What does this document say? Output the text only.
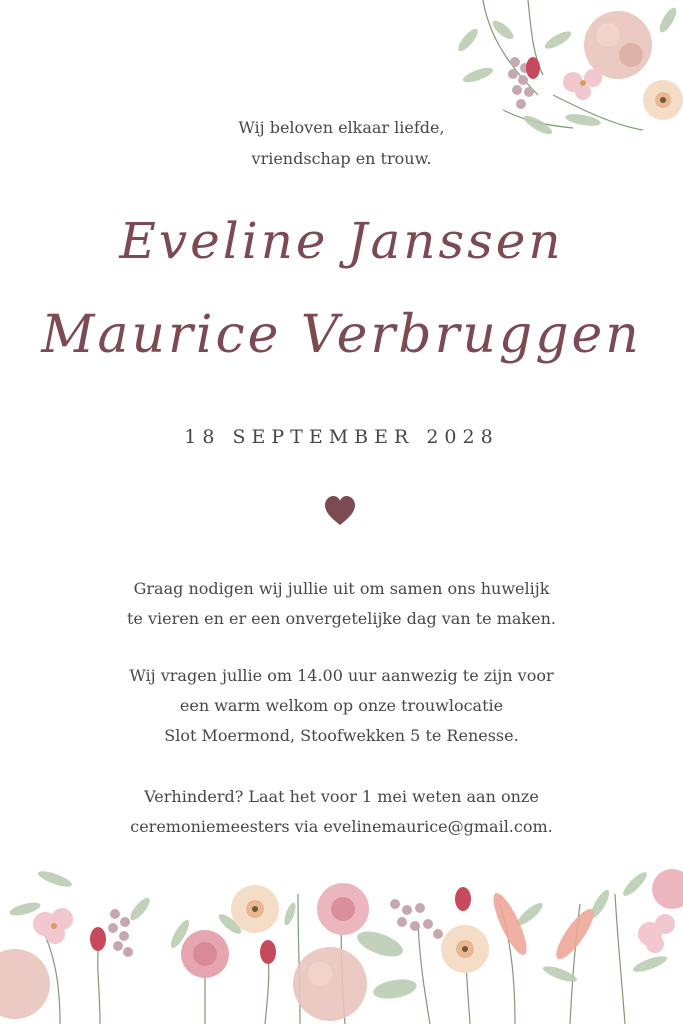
Wij beloven elkaar liefde,
vriendschap en trouw.
Eveline Janssen
Maurice Verbruggen
18 SEPTEMBER 2028
Graag nodigen wij jullie uit om samen ons huwelijk
te vieren en er een onvergetelijke dag van te maken.
Wij vragen jullie om 14.00 uur aanwezig te zijn voor
een warm welkom op onze trouwlocatie
Slot Moermond, Stoofwekken 5 te Renesse.
Verhinderd? Laat het voor 1 mei weten aan onze
ceremoniemeesters via evelinemaurice@gmail.com.
